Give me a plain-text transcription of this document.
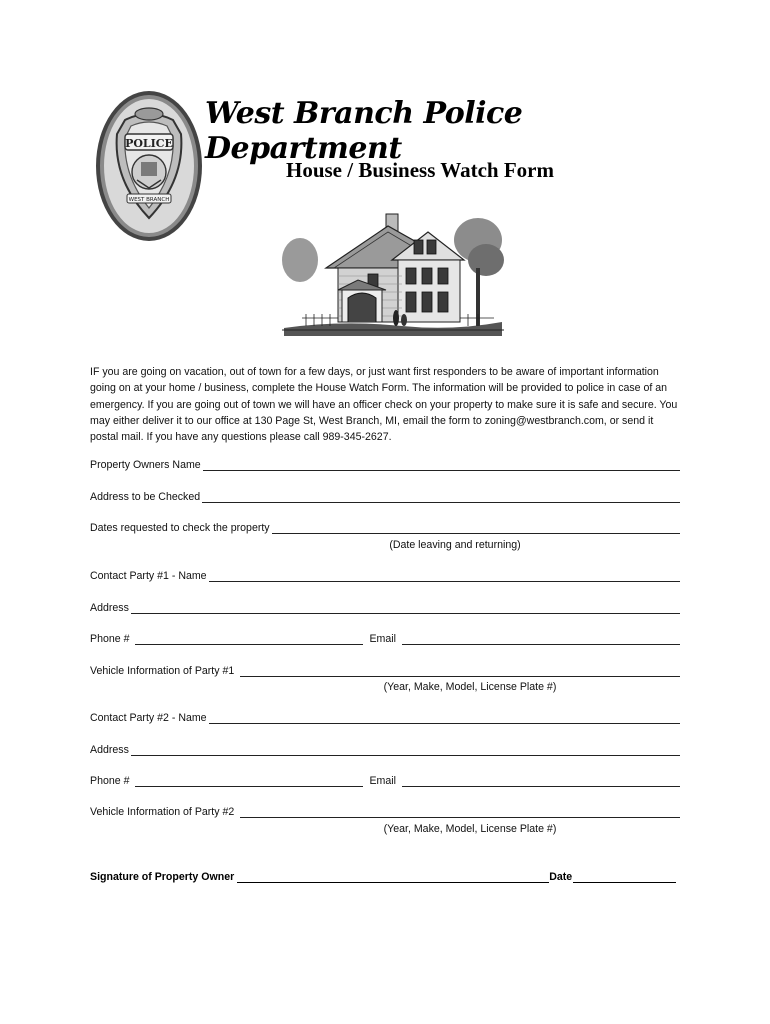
POLICE
WEST BRANCH
West Branch Police Department
House / Business Watch Form
IF you are going on vacation, out of town for a few days, or just want first responders to be aware of important information going on at your home / business, complete the House Watch Form. The information will be provided to police in case of an emergency. If you are going out of town we will have an officer check on your property to make sure it is safe and secure. You may either deliver it to our office at 130 Page St, West Branch, MI, email the form to zoning@westbranch.com, or send it postal mail. If you have any questions please call 989-345-2627.
Property Owners Name
Address to be Checked
Dates requested to check the property
(Date leaving and returning)
Contact Party #1 - Name
Address
Phone #	Email
Vehicle Information of Party #1
(Year, Make, Model, License Plate #)
Contact Party #2 - Name
Address
Phone #	Email
Vehicle Information of Party #2
(Year, Make, Model, License Plate #)
Signature of Property Owner	Date
